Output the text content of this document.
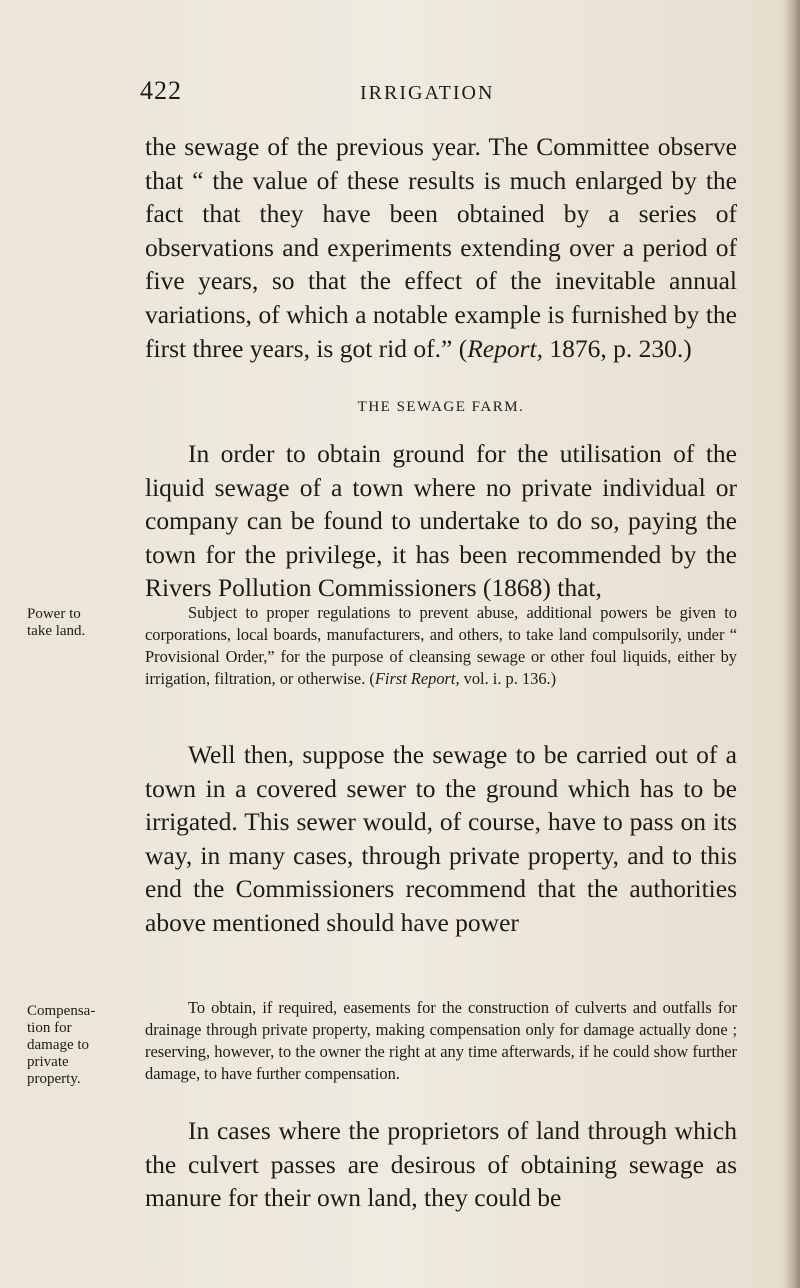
422	IRRIGATION

the sewage of the previous year. The Committee observe that “ the value of these results is much enlarged by the fact that they have been obtained by a series of observations and experiments extending over a period of five years, so that the effect of the inevitable annual variations, of which a notable example is furnished by the first three years, is got rid of.” (Report, 1876, p. 230.)

THE SEWAGE FARM.

In order to obtain ground for the utilisation of the liquid sewage of a town where no private individual or company can be found to undertake to do so, paying the town for the privilege, it has been recommended by the Rivers Pollution Commissioners (1868) that,

Power to
take land.

Subject to proper regulations to prevent abuse, additional powers be given to corporations, local boards, manufacturers, and others, to take land compulsorily, under “ Provisional Order,” for the purpose of cleansing sewage or other foul liquids, either by irrigation, filtration, or otherwise. (First Report, vol. i. p. 136.)

Well then, suppose the sewage to be carried out of a town in a covered sewer to the ground which has to be irrigated. This sewer would, of course, have to pass on its way, in many cases, through private property, and to this end the Commissioners recommend that the authorities above mentioned should have power

Compensa-
tion for
damage to
private
property.

To obtain, if required, easements for the construction of culverts and outfalls for drainage through private property, making compensation only for damage actually done ; reserving, however, to the owner the right at any time afterwards, if he could show further damage, to have further compensation.

In cases where the proprietors of land through which the culvert passes are desirous of obtaining sewage as manure for their own land, they could be
